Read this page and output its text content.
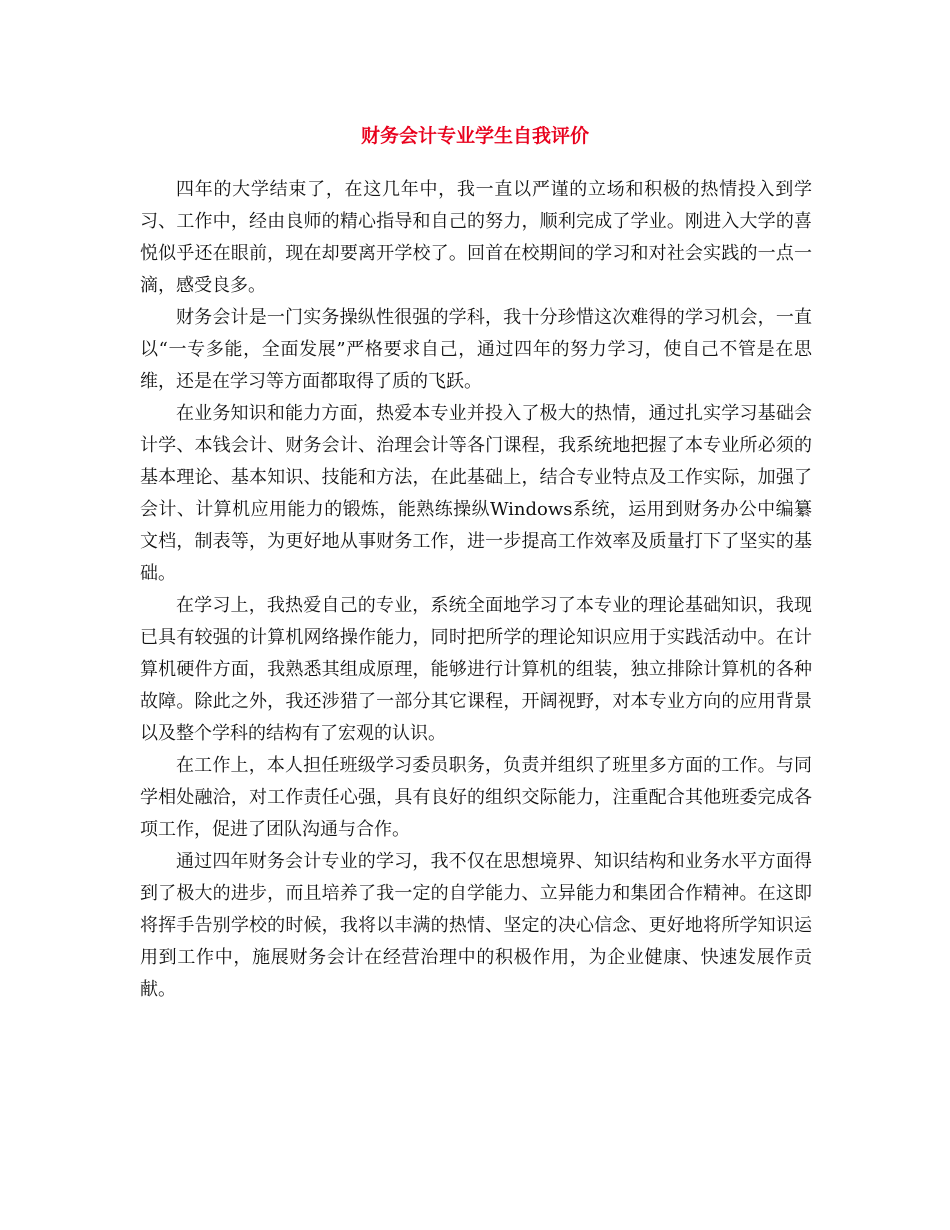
财务会计专业学生自我评价

四年的大学结束了，在这几年中，我一直以严谨的立场和积极的热情投入到学习、工作中，经由良师的精心指导和自己的努力，顺利完成了学业。刚进入大学的喜悦似乎还在眼前，现在却要离开学校了。回首在校期间的学习和对社会实践的一点一滴，感受良多。

财务会计是一门实务操纵性很强的学科，我十分珍惜这次难得的学习机会，一直以“一专多能，全面发展”严格要求自己，通过四年的努力学习，使自己不管是在思维，还是在学习等方面都取得了质的飞跃。

在业务知识和能力方面，热爱本专业并投入了极大的热情，通过扎实学习基础会计学、本钱会计、财务会计、治理会计等各门课程，我系统地把握了本专业所必须的基本理论、基本知识、技能和方法，在此基础上，结合专业特点及工作实际，加强了会计、计算机应用能力的锻炼，能熟练操纵Windows系统，运用到财务办公中编纂文档，制表等，为更好地从事财务工作，进一步提高工作效率及质量打下了坚实的基础。

在学习上，我热爱自己的专业，系统全面地学习了本专业的理论基础知识，我现已具有较强的计算机网络操作能力，同时把所学的理论知识应用于实践活动中。在计算机硬件方面，我熟悉其组成原理，能够进行计算机的组装，独立排除计算机的各种故障。除此之外，我还涉猎了一部分其它课程，开阔视野，对本专业方向的应用背景以及整个学科的结构有了宏观的认识。

在工作上，本人担任班级学习委员职务，负责并组织了班里多方面的工作。与同学相处融洽，对工作责任心强，具有良好的组织交际能力，注重配合其他班委完成各项工作，促进了团队沟通与合作。

通过四年财务会计专业的学习，我不仅在思想境界、知识结构和业务水平方面得到了极大的进步，而且培养了我一定的自学能力、立异能力和集团合作精神。在这即将挥手告别学校的时候，我将以丰满的热情、坚定的决心信念、更好地将所学知识运用到工作中，施展财务会计在经营治理中的积极作用，为企业健康、快速发展作贡献。
